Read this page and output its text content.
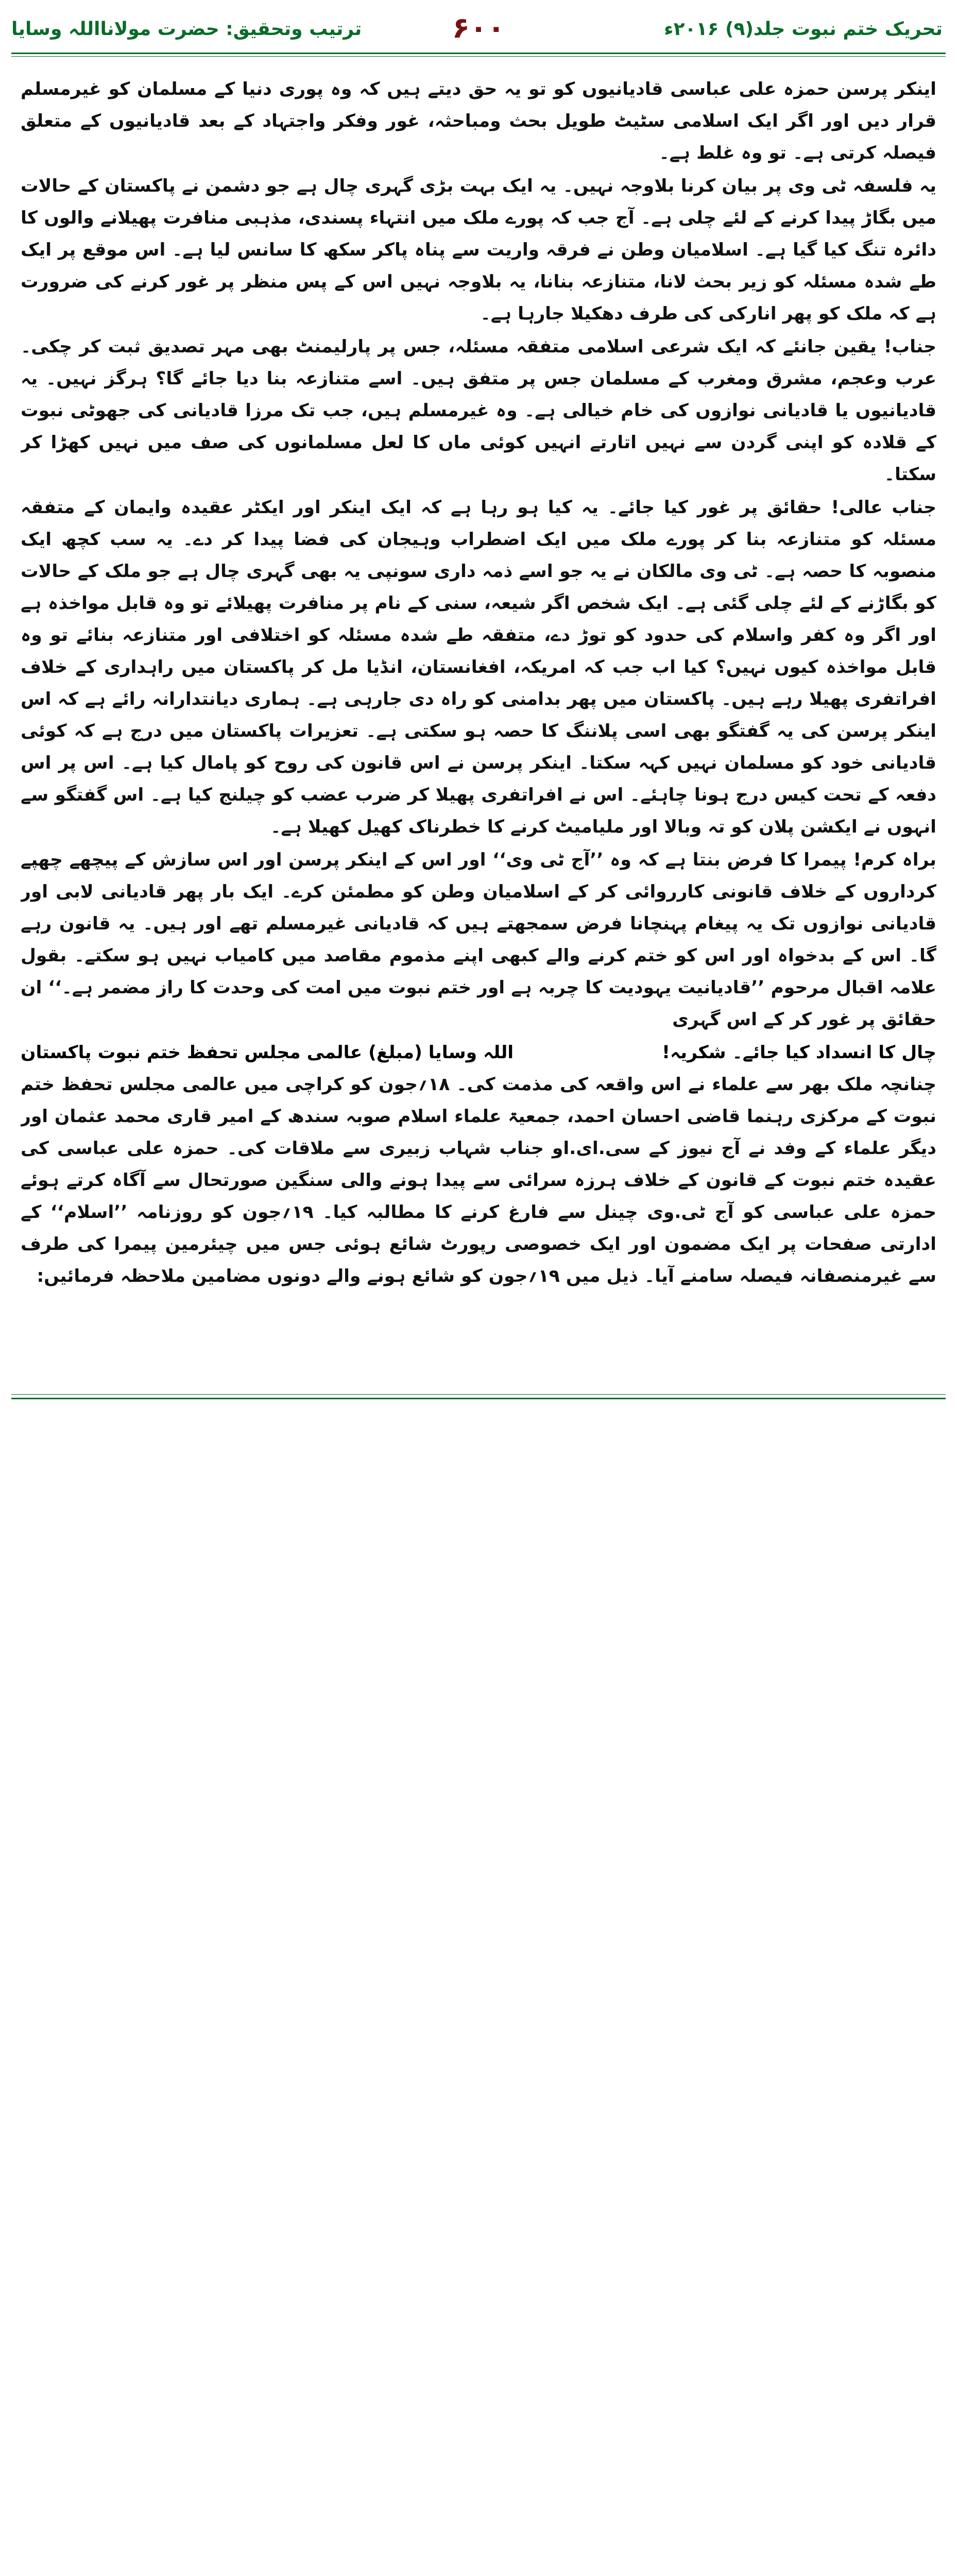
تحریک ختم نبوت جلد(۹) ۲۰۱۶ء
۶۰۰
ترتیب وتحقیق: حضرت مولانااللہ وسایا

اینکر پرسن حمزہ علی عباسی قادیانیوں کو تو یہ حق دیتے ہیں کہ وہ پوری دنیا کے مسلمان کو غیرمسلم قرار دیں اور اگر ایک اسلامی سٹیٹ طویل بحث ومباحثہ، غور وفکر واجتہاد کے بعد قادیانیوں کے متعلق فیصلہ کرتی ہے۔ تو وہ غلط ہے۔

یہ فلسفہ ٹی وی پر بیان کرنا بلاوجہ نہیں۔ یہ ایک بہت بڑی گہری چال ہے جو دشمن نے پاکستان کے حالات میں بگاڑ پیدا کرنے کے لئے چلی ہے۔ آج جب کہ پورے ملک میں انتہاء پسندی، مذہبی منافرت پھیلانے والوں کا دائرہ تنگ کیا گیا ہے۔ اسلامیان وطن نے فرقہ واریت سے پناہ پاکر سکھ کا سانس لیا ہے۔ اس موقع پر ایک طے شدہ مسئلہ کو زیر بحث لانا، متنازعہ بنانا، یہ بلاوجہ نہیں اس کے پس منظر پر غور کرنے کی ضرورت ہے کہ ملک کو پھر انارکی کی طرف دھکیلا جارہا ہے۔

جناب! یقین جانئے کہ ایک شرعی اسلامی متفقہ مسئلہ، جس پر پارلیمنٹ بھی مہر تصدیق ثبت کر چکی۔ عرب وعجم، مشرق ومغرب کے مسلمان جس پر متفق ہیں۔ اسے متنازعہ بنا دیا جائے گا؟ ہرگز نہیں۔ یہ قادیانیوں یا قادیانی نوازوں کی خام خیالی ہے۔ وہ غیرمسلم ہیں، جب تک مرزا قادیانی کی جھوٹی نبوت کے قلادہ کو اپنی گردن سے نہیں اتارتے انہیں کوئی ماں کا لعل مسلمانوں کی صف میں نہیں کھڑا کر سکتا۔

جناب عالی! حقائق پر غور کیا جائے۔ یہ کیا ہو رہا ہے کہ ایک اینکر اور ایکٹر عقیدہ وایمان کے متفقہ مسئلہ کو متنازعہ بنا کر پورے ملک میں ایک اضطراب وہیجان کی فضا پیدا کر دے۔ یہ سب کچھ ایک منصوبہ کا حصہ ہے۔ ٹی وی مالکان نے یہ جو اسے ذمہ داری سونپی یہ بھی گہری چال ہے جو ملک کے حالات کو بگاڑنے کے لئے چلی گئی ہے۔ ایک شخص اگر شیعہ، سنی کے نام پر منافرت پھیلائے تو وہ قابل مواخذہ ہے اور اگر وہ کفر واسلام کی حدود کو توڑ دے، متفقہ طے شدہ مسئلہ کو اختلافی اور متنازعہ بنائے تو وہ قابل مواخذہ کیوں نہیں؟ کیا اب جب کہ امریکہ، افغانستان، انڈیا مل کر پاکستان میں راہداری کے خلاف افراتفری پھیلا رہے ہیں۔ پاکستان میں پھر بدامنی کو راہ دی جارہی ہے۔ ہماری دیانتدارانہ رائے ہے کہ اس اینکر پرسن کی یہ گفتگو بھی اسی پلاننگ کا حصہ ہو سکتی ہے۔ تعزیرات پاکستان میں درج ہے کہ کوئی قادیانی خود کو مسلمان نہیں کہہ سکتا۔ اینکر پرسن نے اس قانون کی روح کو پامال کیا ہے۔ اس پر اس دفعہ کے تحت کیس درج ہونا چاہئے۔ اس نے افراتفری پھیلا کر ضرب عضب کو چیلنج کیا ہے۔ اس گفتگو سے انہوں نے ایکشن پلان کو تہ وبالا اور ملیامیٹ کرنے کا خطرناک کھیل کھیلا ہے۔

براہ کرم! پیمرا کا فرض بنتا ہے کہ وہ ’’آج ٹی وی‘‘ اور اس کے اینکر پرسن اور اس سازش کے پیچھے چھپے کرداروں کے خلاف قانونی کارروائی کر کے اسلامیان وطن کو مطمئن کرے۔ ایک بار پھر قادیانی لابی اور قادیانی نوازوں تک یہ پیغام پہنچانا فرض سمجھتے ہیں کہ قادیانی غیرمسلم تھے اور ہیں۔ یہ قانون رہے گا۔ اس کے بدخواہ اور اس کو ختم کرنے والے کبھی اپنے مذموم مقاصد میں کامیاب نہیں ہو سکتے۔ بقول علامہ اقبال مرحوم ’’قادیانیت یہودیت کا چربہ ہے اور ختم نبوت میں امت کی وحدت کا راز مضمر ہے۔‘‘ ان حقائق پر غور کر کے اس گہری

چال کا انسداد کیا جائے۔ شکریہ!
اللہ وسایا (مبلغ) عالمی مجلس تحفظ ختم نبوت پاکستان

چنانچہ ملک بھر سے علماء نے اس واقعہ کی مذمت کی۔ ۱۸؍جون کو کراچی میں عالمی مجلس تحفظ ختم نبوت کے مرکزی رہنما قاضی احسان احمد، جمعیۃ علماء اسلام صوبہ سندھ کے امیر قاری محمد عثمان اور دیگر علماء کے وفد نے آج نیوز کے سی.ای.او جناب شہاب زبیری سے ملاقات کی۔ حمزہ علی عباسی کی عقیدہ ختم نبوت کے قانون کے خلاف ہرزہ سرائی سے پیدا ہونے والی سنگین صورتحال سے آگاہ کرتے ہوئے حمزہ علی عباسی کو آج ٹی.وی چینل سے فارغ کرنے کا مطالبہ کیا۔ ۱۹؍جون کو روزنامہ ’’اسلام‘‘ کے ادارتی صفحات پر ایک مضمون اور ایک خصوصی رپورٹ شائع ہوئی جس میں چیئرمین پیمرا کی طرف سے غیرمنصفانہ فیصلہ سامنے آیا۔ ذیل میں ۱۹؍جون کو شائع ہونے والے دونوں مضامین ملاحظہ فرمائیں:
